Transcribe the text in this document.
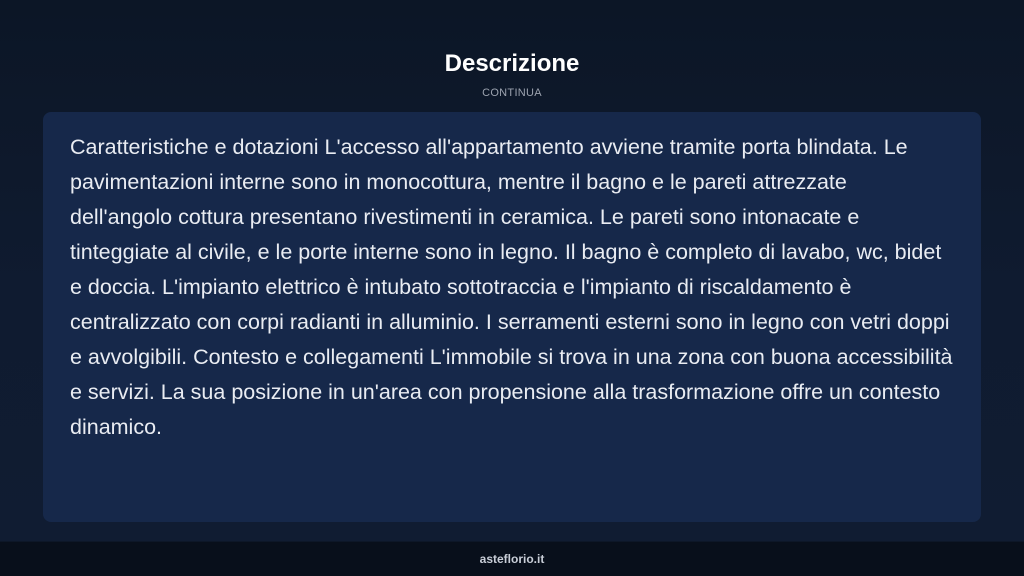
Descrizione
CONTINUA

Caratteristiche e dotazioni L'accesso all'appartamento avviene tramite porta blindata. Le pavimentazioni interne sono in monocottura, mentre il bagno e le pareti attrezzate dell'angolo cottura presentano rivestimenti in ceramica. Le pareti sono intonacate e tinteggiate al civile, e le porte interne sono in legno. Il bagno è completo di lavabo, wc, bidet e doccia. L'impianto elettrico è intubato sottotraccia e l'impianto di riscaldamento è centralizzato con corpi radianti in alluminio. I serramenti esterni sono in legno con vetri doppi e avvolgibili. Contesto e collegamenti L'immobile si trova in una zona con buona accessibilità e servizi. La sua posizione in un'area con propensione alla trasformazione offre un contesto dinamico.

asteflorio.it
